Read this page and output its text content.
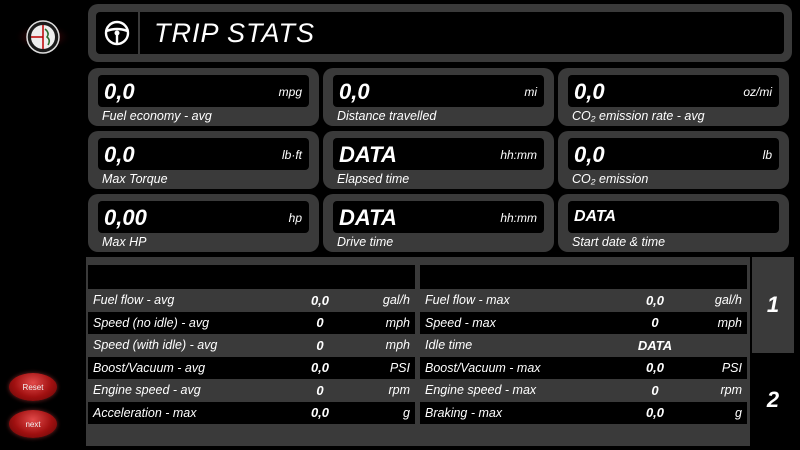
Reset
next
TRIP STATS
0,0	mpg
Fuel economy - avg
0,0	mi
Distance travelled
0,0	oz/mi
CO₂ emission rate - avg
0,0	lb·ft
Max Torque
DATA	hh:mm
Elapsed time
0,0	lb
CO₂ emission
0,00	hp
Max HP
DATA	hh:mm
Drive time
DATA
Start date & time
Fuel flow - avg	0,0	gal/h
Speed (no idle) - avg	0	mph
Speed (with idle) - avg	0	mph
Boost/Vacuum - avg	0,0	PSI
Engine speed - avg	0	rpm
Acceleration - max	0,0	g
Fuel flow - max	0,0	gal/h
Speed - max	0	mph
Idle time	DATA
Boost/Vacuum - max	0,0	PSI
Engine speed - max	0	rpm
Braking - max	0,0	g
1
2
